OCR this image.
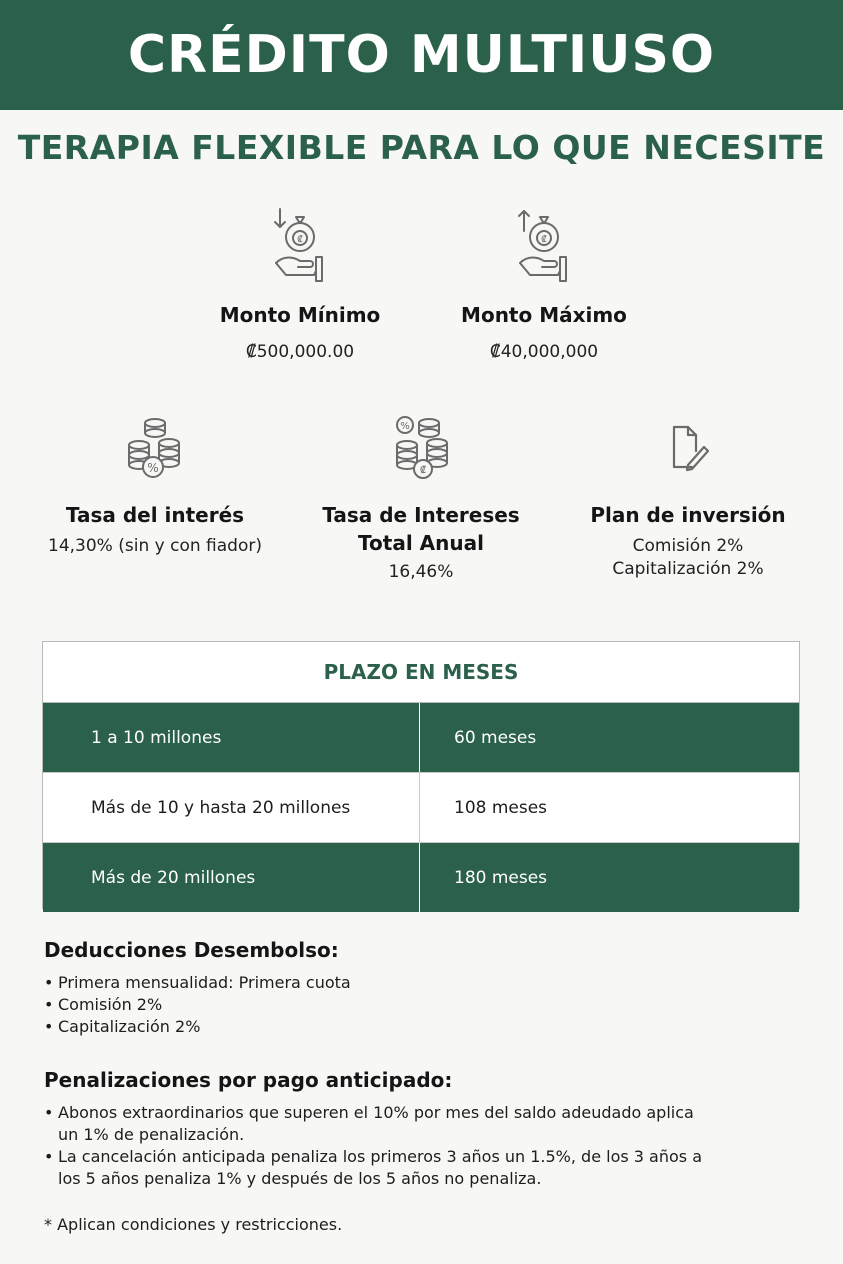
CRÉDITO MULTIUSO
TERAPIA FLEXIBLE PARA LO QUE NECESITE
₡
Monto Mínimo
₡500,000.00
₡
Monto Máximo
₡40,000,000
%
Tasa del interés
14,30% (sin y con fiador)
%
₡
Tasa de Intereses
Total Anual
16,46%
Plan de inversión
Comisión 2%
Capitalización 2%
PLAZO EN MESES
1 a 10 millones	60 meses
Más de 10 y hasta 20 millones	108 meses
Más de 20 millones	180 meses
Deducciones Desembolso:
• Primera mensualidad: Primera cuota
• Comisión 2%
• Capitalización 2%
Penalizaciones por pago anticipado:
• Abonos extraordinarios que superen el 10% por mes del saldo adeudado aplica un 1% de penalización.
• La cancelación anticipada penaliza los primeros 3 años un 1.5%, de los 3 años a los 5 años penaliza 1% y después de los 5 años no penaliza.
* Aplican condiciones y restricciones.
